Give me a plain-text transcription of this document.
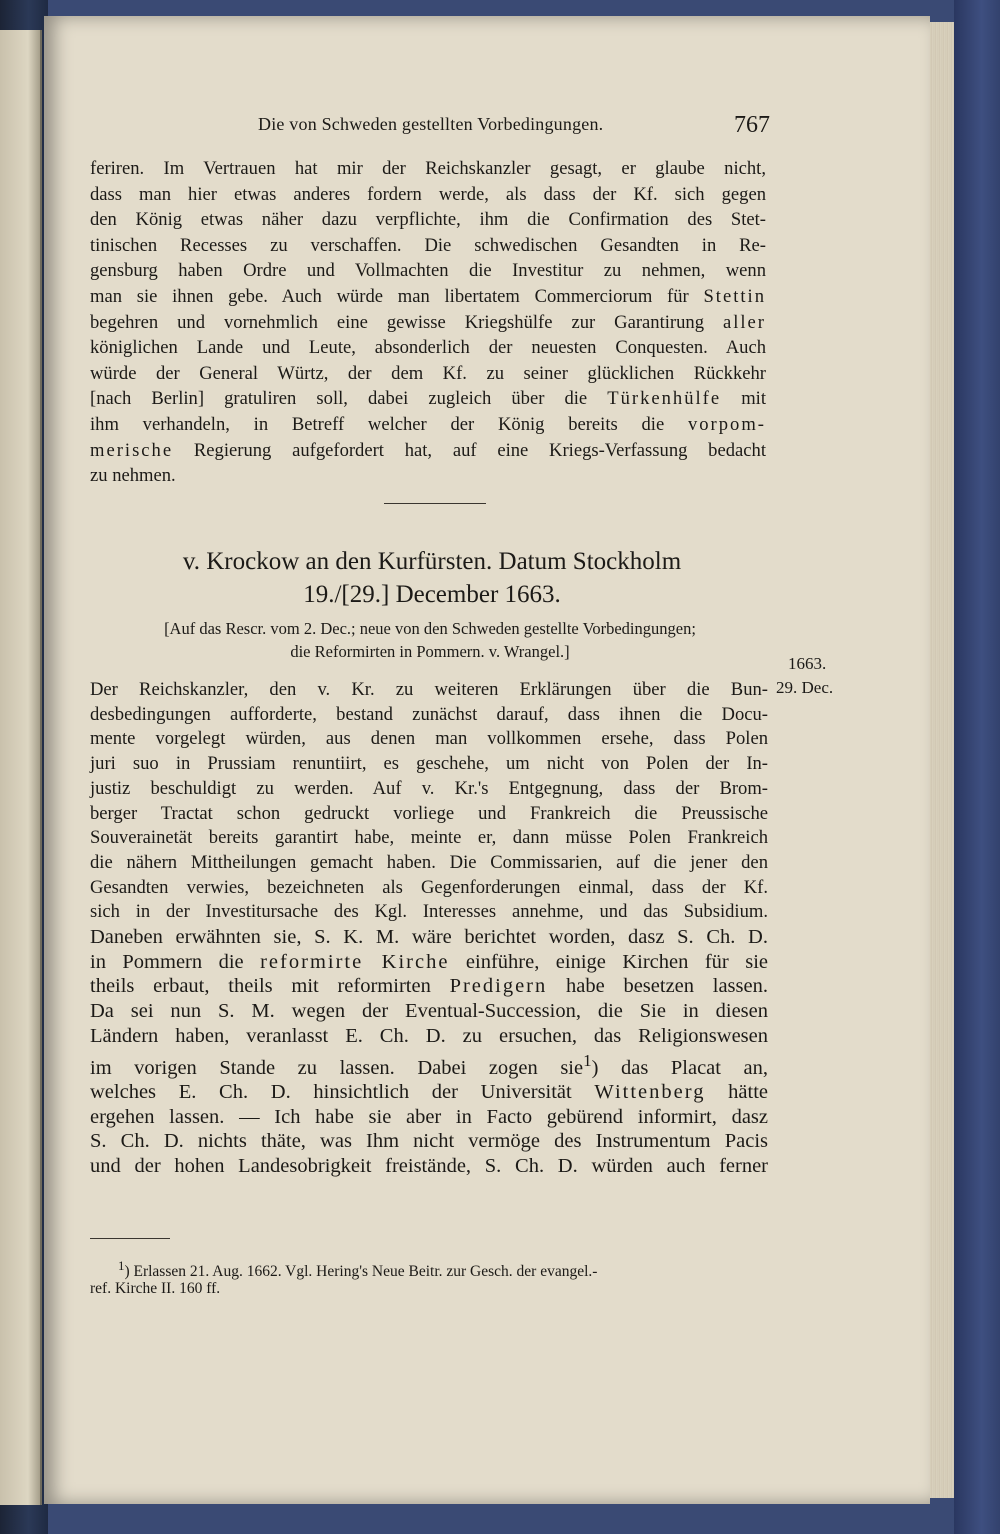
Die von Schweden gestellten Vorbedingungen.	767
feriren. Im Vertrauen hat mir der Reichskanzler gesagt, er glaube nicht,
dass man hier etwas anderes fordern werde, als dass der Kf. sich gegen
den König etwas näher dazu verpflichte, ihm die Confirmation des Stet-
tinischen Recesses zu verschaffen. Die schwedischen Gesandten in Re-
gensburg haben Ordre und Vollmachten die Investitur zu nehmen, wenn
man sie ihnen gebe. Auch würde man libertatem Commerciorum für Stettin
begehren und vornehmlich eine gewisse Kriegshülfe zur Garantirung aller
königlichen Lande und Leute, absonderlich der neuesten Conquesten. Auch
würde der General Würtz, der dem Kf. zu seiner glücklichen Rückkehr
[nach Berlin] gratuliren soll, dabei zugleich über die Türkenhülfe mit
ihm verhandeln, in Betreff welcher der König bereits die vorpom-
merische Regierung aufgefordert hat, auf eine Kriegs-Verfassung bedacht
zu nehmen.
v. Krockow an den Kurfürsten. Datum Stockholm
19./[29.] December 1663.
[Auf das Rescr. vom 2. Dec.; neue von den Schweden gestellte Vorbedingungen;
die Reformirten in Pommern. v. Wrangel.]
1663.
29. Dec.
Der Reichskanzler, den v. Kr. zu weiteren Erklärungen über die Bun-
desbedingungen aufforderte, bestand zunächst darauf, dass ihnen die Docu-
mente vorgelegt würden, aus denen man vollkommen ersehe, dass Polen
juri suo in Prussiam renuntiirt, es geschehe, um nicht von Polen der In-
justiz beschuldigt zu werden. Auf v. Kr.'s Entgegnung, dass der Brom-
berger Tractat schon gedruckt vorliege und Frankreich die Preussische
Souverainetät bereits garantirt habe, meinte er, dann müsse Polen Frankreich
die nähern Mittheilungen gemacht haben. Die Commissarien, auf die jener den
Gesandten verwies, bezeichneten als Gegenforderungen einmal, dass der Kf.
sich in der Investitursache des Kgl. Interesses annehme, und das Subsidium.
Daneben erwähnten sie, S. K. M. wäre berichtet worden, dasz S. Ch. D.
in Pommern die reformirte Kirche einführe, einige Kirchen für sie
theils erbaut, theils mit reformirten Predigern habe besetzen lassen.
Da sei nun S. M. wegen der Eventual-Succession, die Sie in diesen
Ländern haben, veranlasst E. Ch. D. zu ersuchen, das Religionswesen
im vorigen Stande zu lassen. Dabei zogen sie$^1$) das Placat an,
welches E. Ch. D. hinsichtlich der Universität Wittenberg hätte
ergehen lassen. — Ich habe sie aber in Facto gebürend informirt, dasz
S. Ch. D. nichts thäte, was Ihm nicht vermöge des Instrumentum Pacis
und der hohen Landesobrigkeit freistände, S. Ch. D. würden auch ferner
$^1$) Erlassen 21. Aug. 1662. Vgl. Hering's Neue Beitr. zur Gesch. der evangel.-
ref. Kirche II. 160 ff.
